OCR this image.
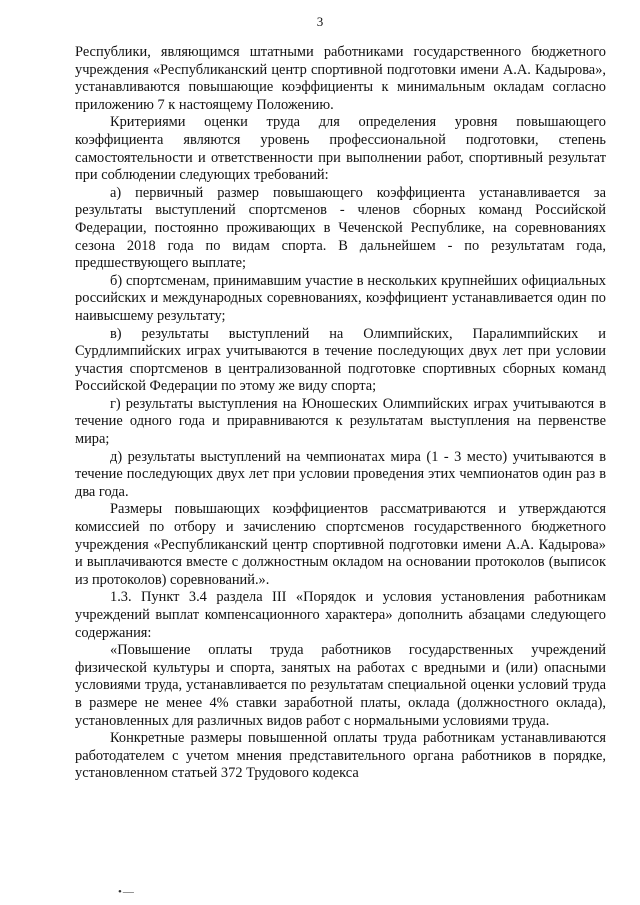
3

Республики, являющимся штатными работниками государственного бюджетного учреждения «Республиканский центр спортивной подготовки имени А.А. Кадырова», устанавливаются повышающие коэффициенты к минимальным окладам согласно приложению 7 к настоящему Положению.

Критериями оценки труда для определения уровня повышающего коэффициента являются уровень профессиональной подготовки, степень самостоятельности и ответственности при выполнении работ, спортивный результат при соблюдении следующих требований:

а) первичный размер повышающего коэффициента устанавливается за результаты выступлений спортсменов - членов сборных команд Российской Федерации, постоянно проживающих в Чеченской Республике, на соревнованиях сезона 2018 года по видам спорта. В дальнейшем - по результатам года, предшествующего выплате;

б) спортсменам, принимавшим участие в нескольких крупнейших официальных российских и международных соревнованиях, коэффициент устанавливается один по наивысшему результату;

в) результаты выступлений на Олимпийских, Паралимпийских и Сурдлимпийских играх учитываются в течение последующих двух лет при условии участия спортсменов в централизованной подготовке спортивных сборных команд Российской Федерации по этому же виду спорта;

г) результаты выступления на Юношеских Олимпийских играх учитываются в течение одного года и приравниваются к результатам выступления на первенстве мира;

д) результаты выступлений на чемпионатах мира (1 - 3 место) учитываются в течение последующих двух лет при условии проведения этих чемпионатов один раз в два года.

Размеры повышающих коэффициентов рассматриваются и утверждаются комиссией по отбору и зачислению спортсменов государственного бюджетного учреждения «Республиканский центр спортивной подготовки имени А.А. Кадырова» и выплачиваются вместе с должностным окладом на основании протоколов (выписок из протоколов) соревнований.».

1.3. Пункт 3.4 раздела III «Порядок и условия установления работникам учреждений выплат компенсационного характера» дополнить абзацами следующего содержания:

«Повышение оплаты труда работников государственных учреждений физической культуры и спорта, занятых на работах с вредными и (или) опасными условиями труда, устанавливается по результатам специальной оценки условий труда в размере не менее 4% ставки заработной платы, оклада (должностного оклада), установленных для различных видов работ с нормальными условиями труда.

Конкретные размеры повышенной оплаты труда работникам устанавливаются работодателем с учетом мнения представительного органа работников в порядке, установленном статьей 372 Трудового кодекса

•—
